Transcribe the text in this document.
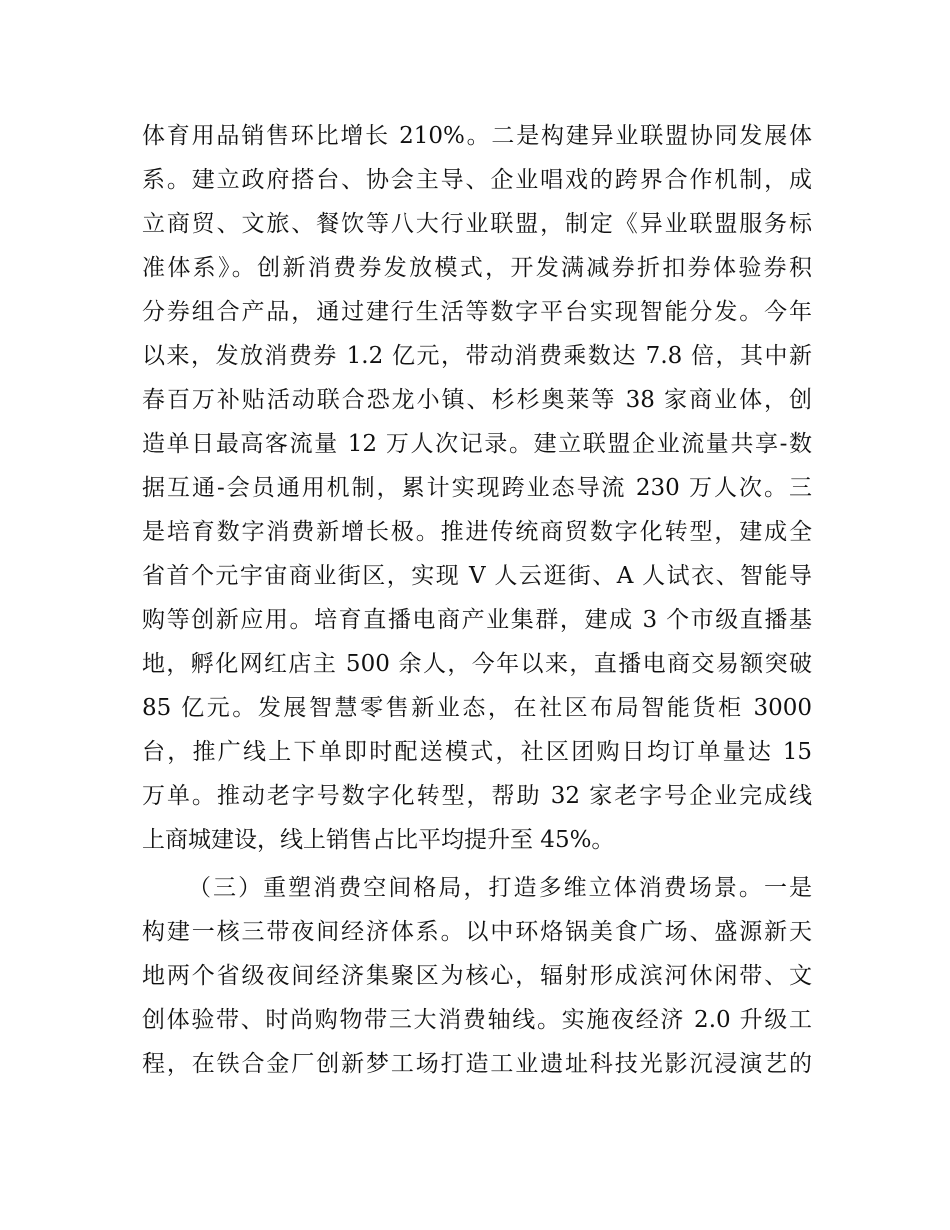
体育用品销售环比增长 210%。二是构建异业联盟协同发展体
系。建立政府搭台、协会主导、企业唱戏的跨界合作机制，成
立商贸、文旅、餐饮等八大行业联盟，制定《异业联盟服务标
准体系》。创新消费券发放模式，开发满减券折扣券体验券积
分券组合产品，通过建行生活等数字平台实现智能分发。今年
以来，发放消费券 1.2 亿元，带动消费乘数达 7.8 倍，其中新
春百万补贴活动联合恐龙小镇、杉杉奥莱等 38 家商业体，创
造单日最高客流量 12 万人次记录。建立联盟企业流量共享-数
据互通-会员通用机制，累计实现跨业态导流 230 万人次。三
是培育数字消费新增长极。推进传统商贸数字化转型，建成全
省首个元宇宙商业街区，实现 V 人云逛街、A 人试衣、智能导
购等创新应用。培育直播电商产业集群，建成 3 个市级直播基
地，孵化网红店主 500 余人，今年以来，直播电商交易额突破
85 亿元。发展智慧零售新业态，在社区布局智能货柜 3000
台，推广线上下单即时配送模式，社区团购日均订单量达 15
万单。推动老字号数字化转型，帮助 32 家老字号企业完成线
上商城建设，线上销售占比平均提升至 45%。
（三）重塑消费空间格局，打造多维立体消费场景。一是
构建一核三带夜间经济体系。以中环烙锅美食广场、盛源新天
地两个省级夜间经济集聚区为核心，辐射形成滨河休闲带、文
创体验带、时尚购物带三大消费轴线。实施夜经济 2.0 升级工
程，在铁合金厂创新梦工场打造工业遗址科技光影沉浸演艺的
